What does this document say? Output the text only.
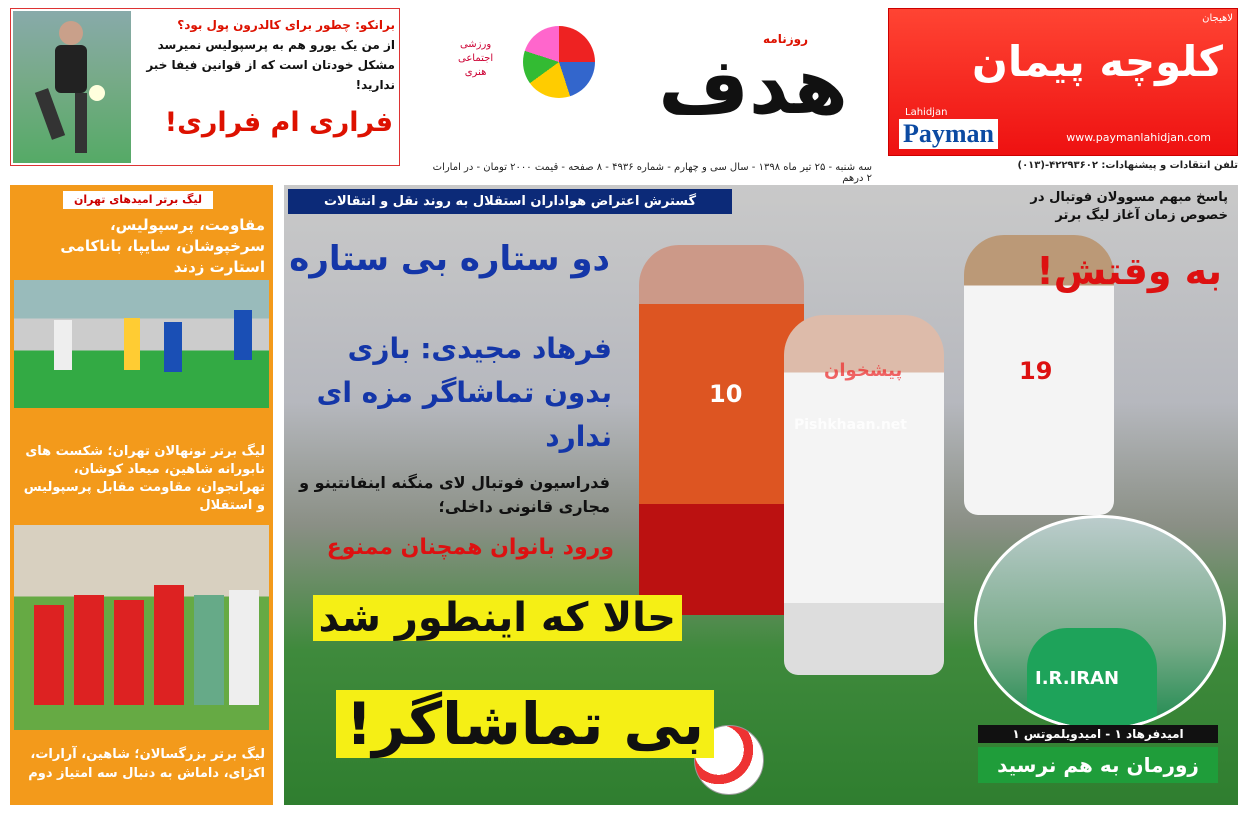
برانکو: چطور برای کالدرون پول بود؟
از من یک یورو هم به پرسپولیس نمیرسد
مشکل خودتان است که از قوانین فیفا خبر ندارید!
فراری ام فراری!
روزنامه
ورزشی
اجتماعی
هنری هدف
سه شنبه - ۲۵ تیر ماه ۱۳۹۸ - سال سی و چهارم - شماره ۴۹۳۶ - ۸ صفحه - قیمت ۲۰۰۰ تومان - در امارات ۲ درهم
لاهیجان
کلوچه پیمان
Lahidjan
Payman	www.paymanlahidjan.com
تلفن انتقادات و پیشنهادات: ۴۲۲۹۳۶۰۲-(۰۱۳)
لیگ برتر امیدهای تهران
مقاومت، پرسپولیس، سرخپوشان، سایپا، باناکامی استارت زدند
لیگ برتر نونهالان تهران؛ شکست های نابورانه شاهین، میعاد کوشان، تهرانجوان، مقاومت مقابل پرسپولیس و استقلال
لیگ برتر بزرگسالان؛ شاهین، آرارات، اکژای، داماش به دنبال سه امتیاز دوم
10
19
پیشخوان
Pishkhaan.net
گسترش اعتراض هواداران استقلال به روند نقل و انتقالات
دو ستاره بی ستاره
فرهاد مجیدی: بازی بدون تماشاگر مزه ای ندارد
فدراسیون فوتبال لای منگنه اینفانتینو و مجاری قانونی داخلی؛
ورود بانوان همچنان ممنوع
حالا که اینطور شد
بی تماشاگر!
پاسخ مبهم مسوولان فوتبال در خصوص زمان آغاز لیگ برتر
به وقتش!
I.R.IRAN
امیدفرهاد ۱ - امیدویلموتس ۱
زورمان به هم نرسید
